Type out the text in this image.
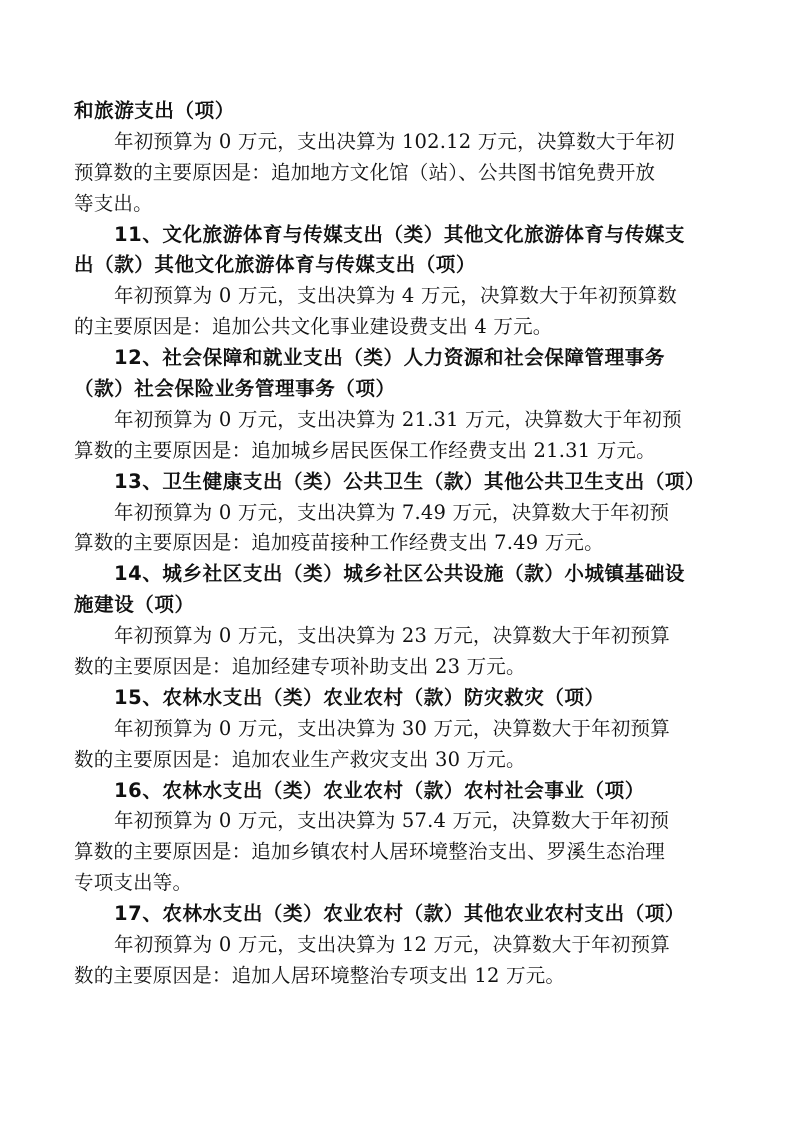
和旅游支出（项）
年初预算为 0 万元，支出决算为 102.12 万元，决算数大于年初
预算数的主要原因是：追加地方文化馆（站）、公共图书馆免费开放
等支出。
11、文化旅游体育与传媒支出（类）其他文化旅游体育与传媒支
出（款）其他文化旅游体育与传媒支出（项）
年初预算为 0 万元，支出决算为 4 万元，决算数大于年初预算数
的主要原因是：追加公共文化事业建设费支出 4 万元。
12、社会保障和就业支出（类）人力资源和社会保障管理事务
（款）社会保险业务管理事务（项）
年初预算为 0 万元，支出决算为 21.31 万元，决算数大于年初预
算数的主要原因是：追加城乡居民医保工作经费支出 21.31 万元。
13、卫生健康支出（类）公共卫生（款）其他公共卫生支出（项）
年初预算为 0 万元，支出决算为 7.49 万元，决算数大于年初预
算数的主要原因是：追加疫苗接种工作经费支出 7.49 万元。
14、城乡社区支出（类）城乡社区公共设施（款）小城镇基础设
施建设（项）
年初预算为 0 万元，支出决算为 23 万元，决算数大于年初预算
数的主要原因是：追加经建专项补助支出 23 万元。
15、农林水支出（类）农业农村（款）防灾救灾（项）
年初预算为 0 万元，支出决算为 30 万元，决算数大于年初预算
数的主要原因是：追加农业生产救灾支出 30 万元。
16、农林水支出（类）农业农村（款）农村社会事业（项）
年初预算为 0 万元，支出决算为 57.4 万元，决算数大于年初预
算数的主要原因是：追加乡镇农村人居环境整治支出、罗溪生态治理
专项支出等。
17、农林水支出（类）农业农村（款）其他农业农村支出（项）
年初预算为 0 万元，支出决算为 12 万元，决算数大于年初预算
数的主要原因是：追加人居环境整治专项支出 12 万元。
